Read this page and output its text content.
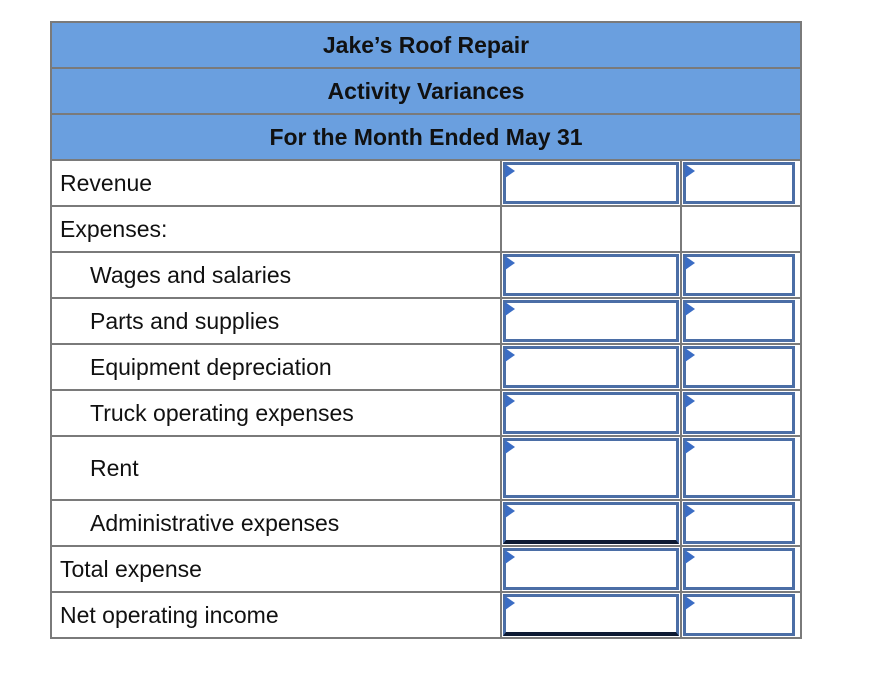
Jake’s Roof Repair
Activity Variances
For the Month Ended May 31
Revenue
Expenses:
Wages and salaries
Parts and supplies
Equipment depreciation
Truck operating expenses
Rent
Administrative expenses
Total expense
Net operating income
